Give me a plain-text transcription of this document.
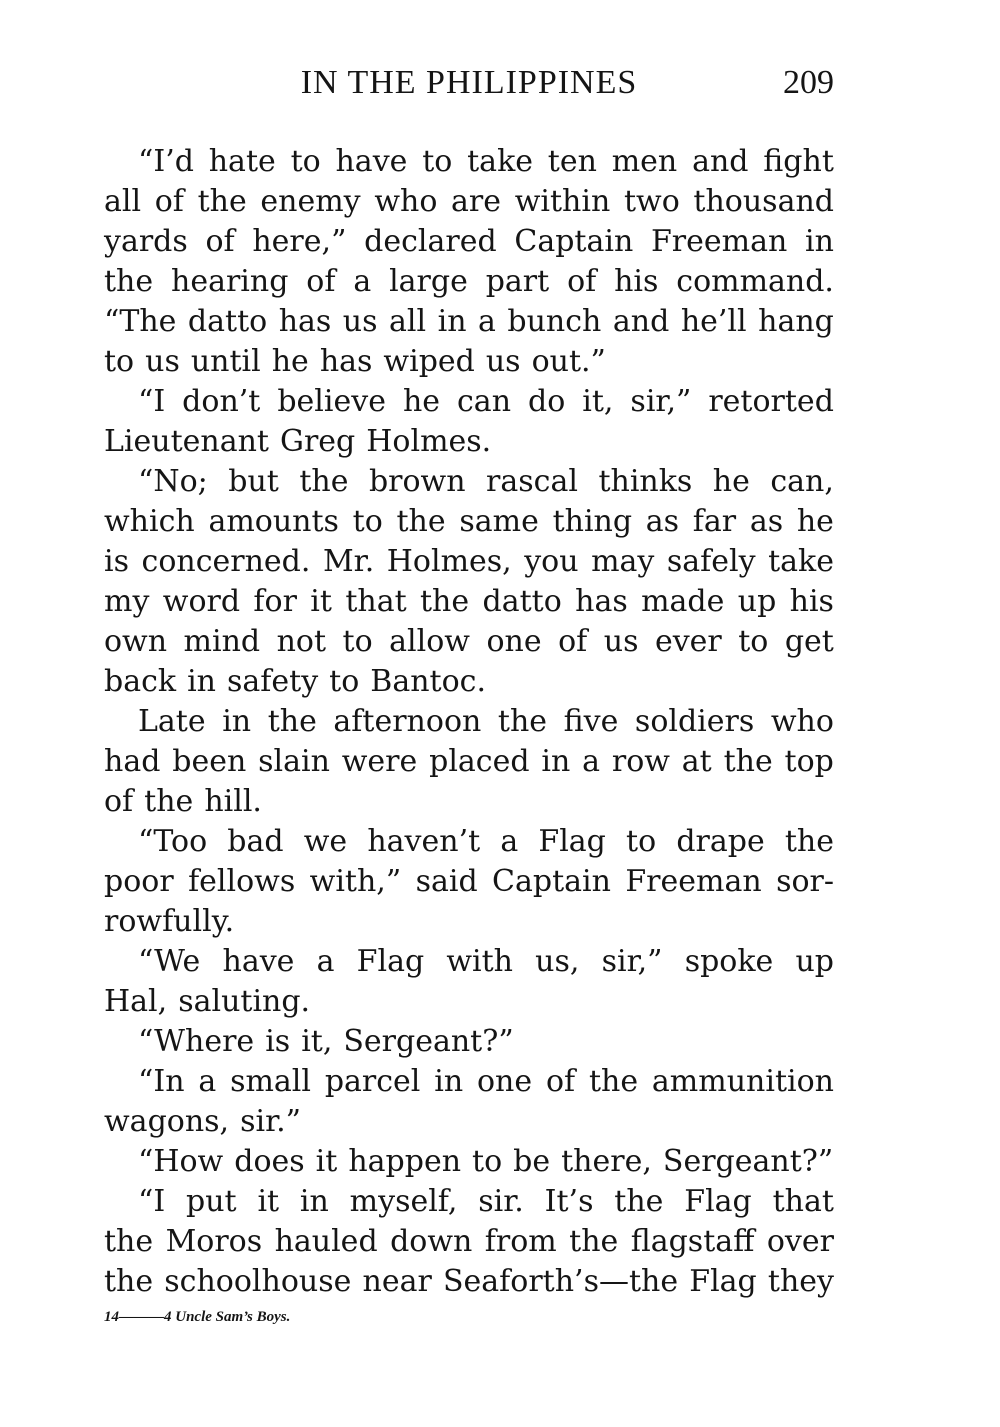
IN THE PHILIPPINES	209
“I’d hate to have to take ten men and fight
all of the enemy who are within two thousand
yards of here,” declared Captain Freeman in
the hearing of a large part of his command.
“The datto has us all in a bunch and he’ll hang
to us until he has wiped us out.”
“I don’t believe he can do it, sir,” retorted
Lieutenant Greg Holmes.
“No; but the brown rascal thinks he can,
which amounts to the same thing as far as he
is concerned. Mr. Holmes, you may safely take
my word for it that the datto has made up his
own mind not to allow one of us ever to get
back in safety to Bantoc.
Late in the afternoon the five soldiers who
had been slain were placed in a row at the top
of the hill.
“Too bad we haven’t a Flag to drape the
poor fellows with,” said Captain Freeman sor-
rowfully.
“We have a Flag with us, sir,” spoke up
Hal, saluting.
“Where is it, Sergeant?”
“In a small parcel in one of the ammunition
wagons, sir.”
“How does it happen to be there, Sergeant?”
“I put it in myself, sir. It’s the Flag that
the Moros hauled down from the flagstaff over
the schoolhouse near Seaforth’s—the Flag they
14———4 Uncle Sam’s Boys.
